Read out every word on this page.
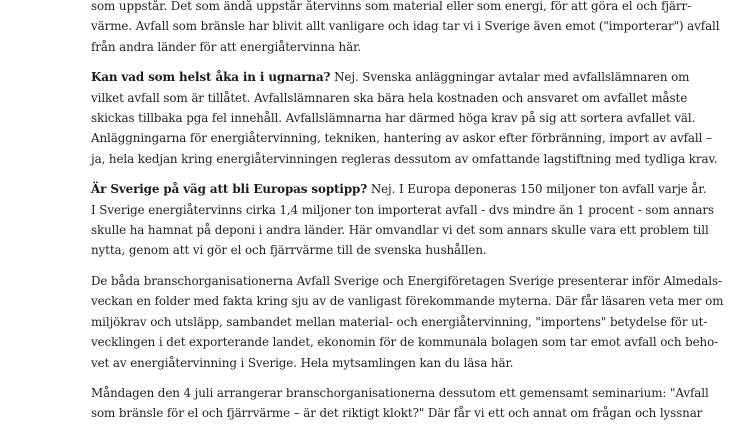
som uppstår. Det som ändå uppstår återvinns som material eller som energi, för att göra el och fjärr-
värme. Avfall som bränsle har blivit allt vanligare och idag tar vi i Sverige även emot ("importerar") avfall
från andra länder för att energiåtervinna här.
Kan vad som helst åka in i ugnarna? Nej. Svenska anläggningar avtalar med avfallslämnaren om
vilket avfall som är tillåtet. Avfallslämnaren ska bära hela kostnaden och ansvaret om avfallet måste
skickas tillbaka pga fel innehåll. Avfallslämnarna har därmed höga krav på sig att sortera avfallet väl.
Anläggningarna för energiåtervinning, tekniken, hantering av askor efter förbränning, import av avfall –
ja, hela kedjan kring energiåtervinningen regleras dessutom av omfattande lagstiftning med tydliga krav.
Är Sverige på väg att bli Europas soptipp? Nej. I Europa deponeras 150 miljoner ton avfall varje år.
I Sverige energiåtervinns cirka 1,4 miljoner ton importerat avfall - dvs mindre än 1 procent - som annars
skulle ha hamnat på deponi i andra länder. Här omvandlar vi det som annars skulle vara ett problem till
nytta, genom att vi gör el och fjärrvärme till de svenska hushållen.
De båda branschorganisationerna Avfall Sverige och Energiföretagen Sverige presenterar inför Almedals-
veckan en folder med fakta kring sju av de vanligast förekommande myterna. Där får läsaren veta mer om
miljökrav och utsläpp, sambandet mellan material- och energiåtervinning, "importens" betydelse för ut-
vecklingen i det exporterande landet, ekonomin för de kommunala bolagen som tar emot avfall och beho-
vet av energiåtervinning i Sverige. Hela mytsamlingen kan du läsa här.
Måndagen den 4 juli arrangerar branschorganisationerna dessutom ett gemensamt seminarium: "Avfall
som bränsle för el och fjärrvärme – är det riktigt klokt?" Där får vi ett och annat om frågan och lyssnar
